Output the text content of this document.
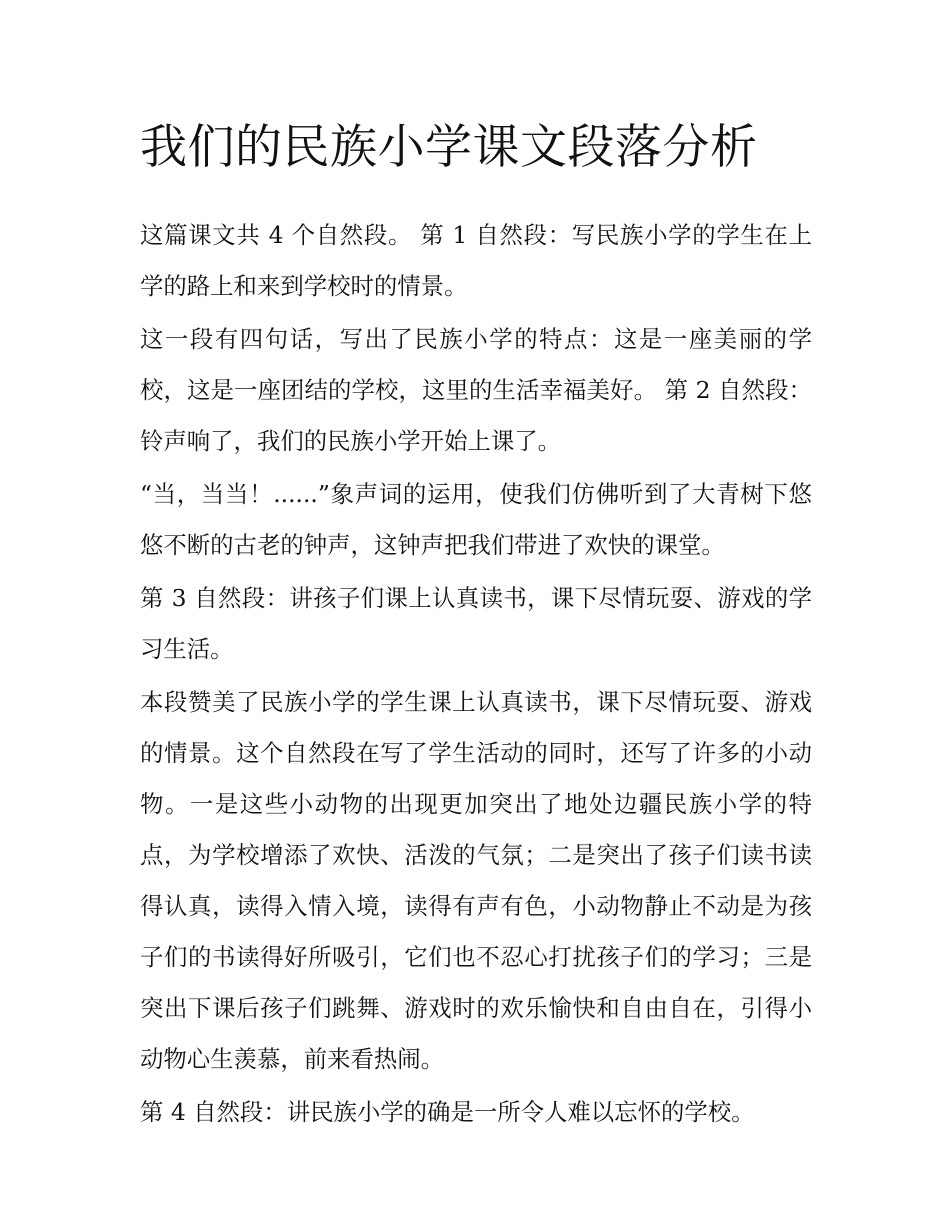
我们的民族小学课文段落分析

这篇课文共 4 个自然段。 第 1 自然段：写民族小学的学生在上学的路上和来到学校时的情景。

这一段有四句话，写出了民族小学的特点：这是一座美丽的学校，这是一座团结的学校，这里的生活幸福美好。 第 2 自然段：铃声响了，我们的民族小学开始上课了。

“当，当当！......”象声词的运用，使我们仿佛听到了大青树下悠悠不断的古老的钟声，这钟声把我们带进了欢快的课堂。

第 3 自然段：讲孩子们课上认真读书，课下尽情玩耍、游戏的学习生活。

本段赞美了民族小学的学生课上认真读书，课下尽情玩耍、游戏的情景。这个自然段在写了学生活动的同时，还写了许多的小动物。一是这些小动物的出现更加突出了地处边疆民族小学的特点，为学校增添了欢快、活泼的气氛；二是突出了孩子们读书读得认真，读得入情入境，读得有声有色，小动物静止不动是为孩子们的书读得好所吸引，它们也不忍心打扰孩子们的学习；三是突出下课后孩子们跳舞、游戏时的欢乐愉快和自由自在，引得小动物心生羡慕，前来看热闹。

第 4 自然段：讲民族小学的确是一所令人难以忘怀的学校。
